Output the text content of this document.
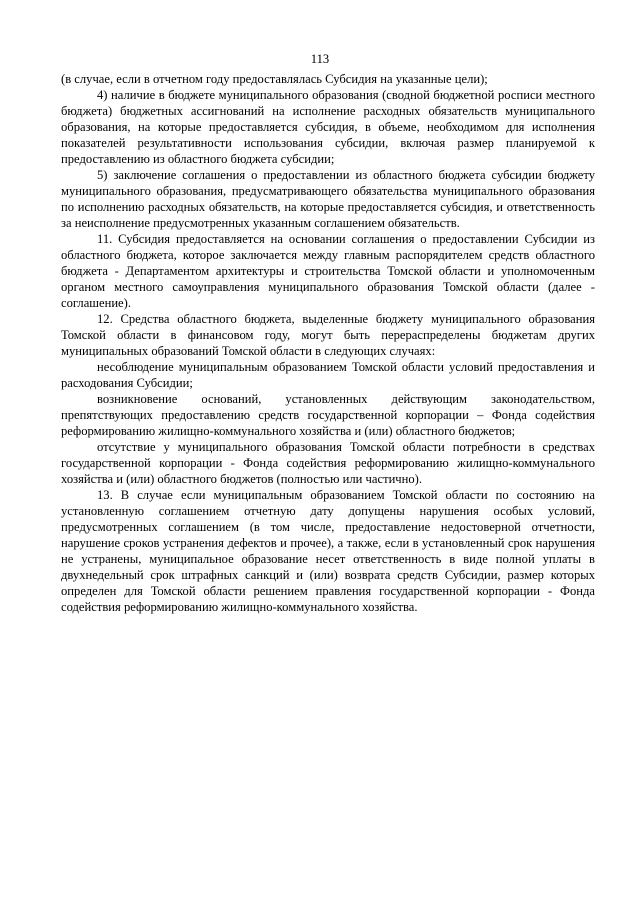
113

(в случае, если в отчетном году предоставлялась Субсидия на указанные цели);

4) наличие в бюджете муниципального образования (сводной бюджетной росписи местного бюджета) бюджетных ассигнований на исполнение расходных обязательств муниципального образования, на которые предоставляется субсидия, в объеме, необходимом для исполнения показателей результативности использования субсидии, включая размер планируемой к предоставлению из областного бюджета субсидии;

5) заключение соглашения о предоставлении из областного бюджета субсидии бюджету муниципального образования, предусматривающего обязательства муниципального образования по исполнению расходных обязательств, на которые предоставляется субсидия, и ответственность за неисполнение предусмотренных указанным соглашением обязательств.

11. Субсидия предоставляется на основании соглашения о предоставлении Субсидии из областного бюджета, которое заключается между главным распорядителем средств областного бюджета - Департаментом архитектуры и строительства Томской области и уполномоченным органом местного самоуправления муниципального образования Томской области (далее - соглашение).

12. Средства областного бюджета, выделенные бюджету муниципального образования Томской области в финансовом году, могут быть перераспределены бюджетам других муниципальных образований Томской области в следующих случаях:

несоблюдение муниципальным образованием Томской области условий предоставления и расходования Субсидии;

возникновение оснований, установленных действующим законодательством, препятствующих предоставлению средств государственной корпорации – Фонда содействия реформированию жилищно-коммунального хозяйства и (или) областного бюджетов;

отсутствие у муниципального образования Томской области потребности в средствах государственной корпорации - Фонда содействия реформированию жилищно-коммунального хозяйства и (или) областного бюджетов (полностью или частично).

13. В случае если муниципальным образованием Томской области по состоянию на установленную соглашением отчетную дату допущены нарушения особых условий, предусмотренных соглашением (в том числе, предоставление недостоверной отчетности, нарушение сроков устранения дефектов и прочее), а также, если в установленный срок нарушения не устранены, муниципальное образование несет ответственность в виде полной уплаты в двухнедельный срок штрафных санкций и (или) возврата средств Субсидии, размер которых определен для Томской области решением правления государственной корпорации - Фонда содействия реформированию жилищно-коммунального хозяйства.
